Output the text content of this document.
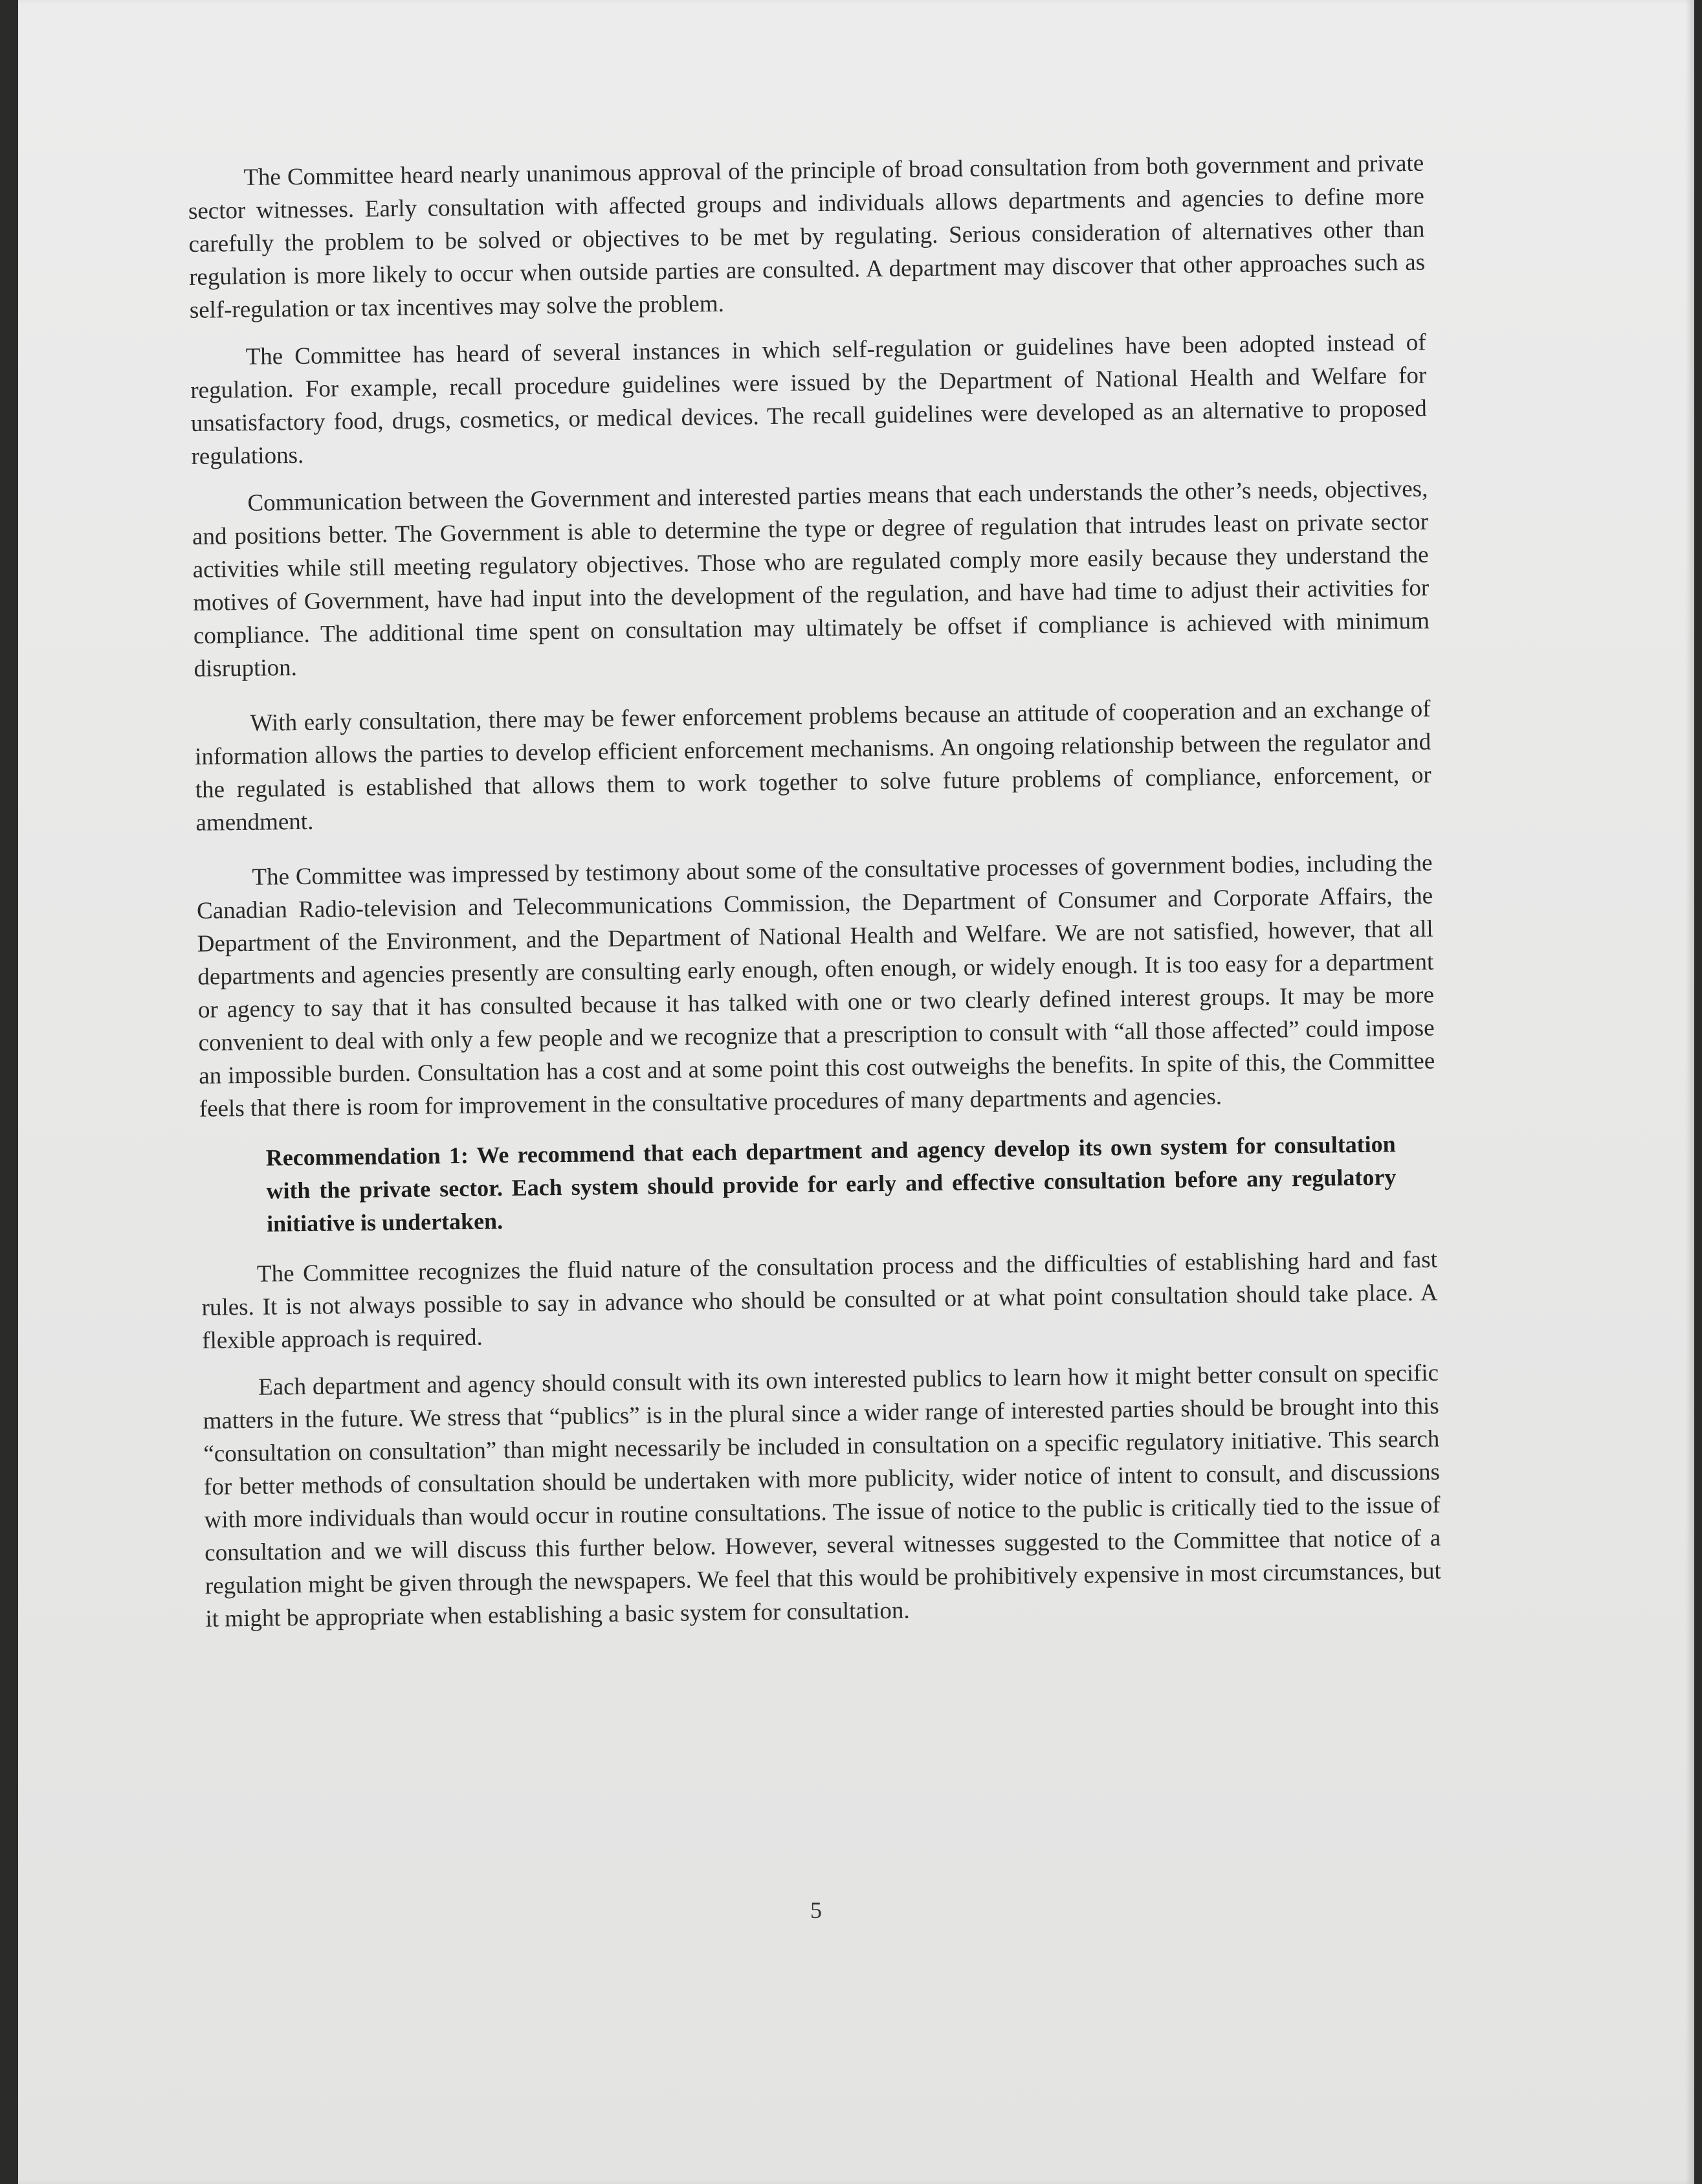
The Committee heard nearly unanimous approval of the principle of broad consultation from both government and private sector witnesses. Early consultation with affected groups and individuals allows departments and agencies to define more carefully the problem to be solved or objectives to be met by regulating. Serious consideration of alternatives other than regulation is more likely to occur when outside parties are consulted. A department may discover that other approaches such as self-regulation or tax incentives may solve the problem.

The Committee has heard of several instances in which self-regulation or guidelines have been adopted instead of regulation. For example, recall procedure guidelines were issued by the Department of National Health and Welfare for unsatisfactory food, drugs, cosmetics, or medical devices. The recall guidelines were developed as an alternative to proposed regulations.

Communication between the Government and interested parties means that each understands the other’s needs, objectives, and positions better. The Government is able to determine the type or degree of regulation that intrudes least on private sector activities while still meeting regulatory objectives. Those who are regulated comply more easily because they understand the motives of Government, have had input into the development of the regulation, and have had time to adjust their activities for compliance. The additional time spent on consultation may ultimately be offset if compliance is achieved with minimum disruption.

With early consultation, there may be fewer enforcement problems because an attitude of cooperation and an exchange of information allows the parties to develop efficient enforcement mechanisms. An ongoing relationship between the regulator and the regulated is established that allows them to work together to solve future problems of compliance, enforcement, or amendment.

The Committee was impressed by testimony about some of the consultative processes of government bodies, including the Canadian Radio-television and Telecommunications Commission, the Department of Consumer and Corporate Affairs, the Department of the Environment, and the Department of National Health and Welfare. We are not satisfied, however, that all departments and agencies presently are consulting early enough, often enough, or widely enough. It is too easy for a department or agency to say that it has consulted because it has talked with one or two clearly defined interest groups. It may be more convenient to deal with only a few people and we recognize that a prescription to consult with “all those affected” could impose an impossible burden. Consultation has a cost and at some point this cost outweighs the benefits. In spite of this, the Committee feels that there is room for improvement in the consultative procedures of many departments and agencies.

Recommendation 1: We recommend that each department and agency develop its own system for consultation with the private sector. Each system should provide for early and effective consultation before any regulatory initiative is undertaken.

The Committee recognizes the fluid nature of the consultation process and the difficulties of establishing hard and fast rules. It is not always possible to say in advance who should be consulted or at what point consultation should take place. A flexible approach is required.

Each department and agency should consult with its own interested publics to learn how it might better consult on specific matters in the future. We stress that “publics” is in the plural since a wider range of interested parties should be brought into this “consultation on consultation” than might necessarily be included in consultation on a specific regulatory initiative. This search for better methods of consultation should be undertaken with more publicity, wider notice of intent to consult, and discussions with more individuals than would occur in routine consultations. The issue of notice to the public is critically tied to the issue of consultation and we will discuss this further below. However, several witnesses suggested to the Committee that notice of a regulation might be given through the newspapers. We feel that this would be prohibitively expensive in most circumstances, but it might be appropriate when establishing a basic system for consultation.

5
